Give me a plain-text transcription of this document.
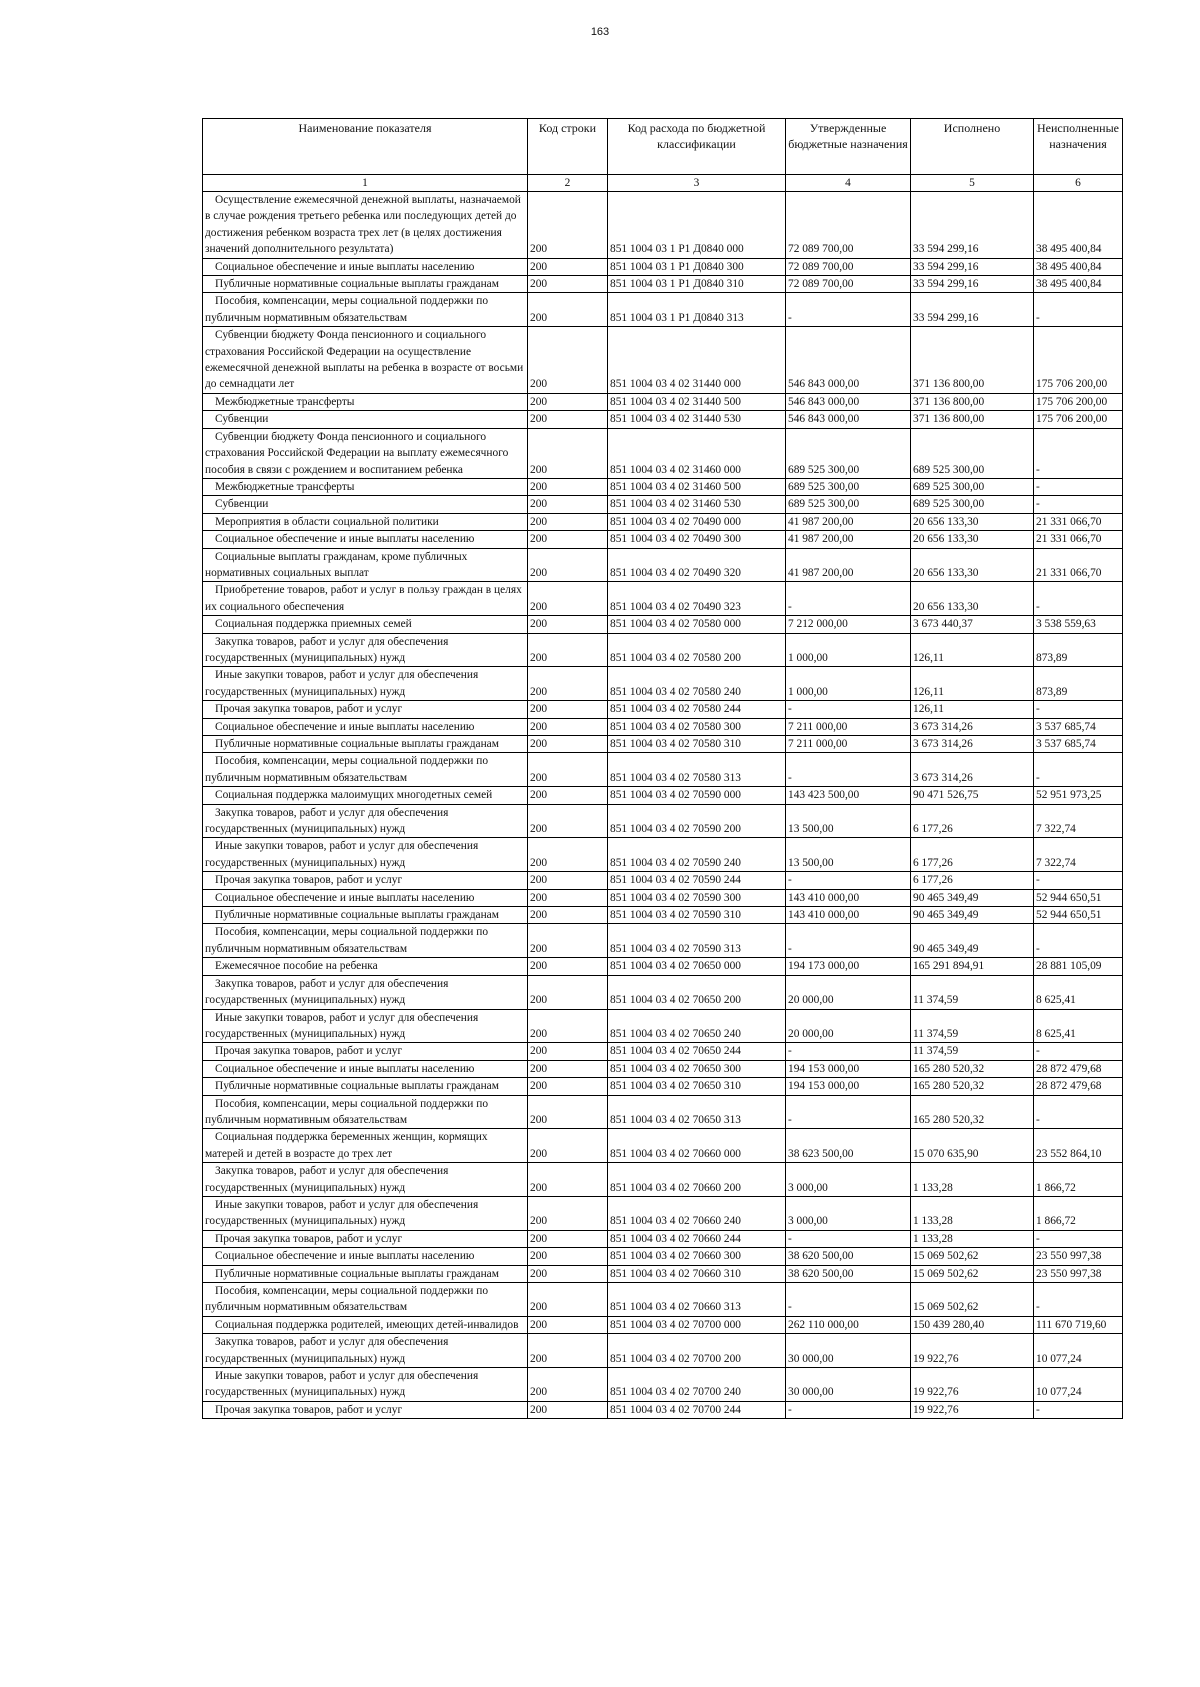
163
Наименование показателя	Код строки	Код расхода по бюджетной классификации	Утвержденные бюджетные назначения	Исполнено	Неисполненные назначения
1	2	3	4	5	6
Осуществление ежемесячной денежной выплаты, назначаемой в случае рождения третьего ребенка или последующих детей до достижения ребенком возраста трех лет (в целях достижения значений дополнительного результата)	200	851 1004 03 1 P1 Д0840 000	72 089 700,00	33 594 299,16	38 495 400,84
Социальное обеспечение и иные выплаты населению	200	851 1004 03 1 P1 Д0840 300	72 089 700,00	33 594 299,16	38 495 400,84
Публичные нормативные социальные выплаты гражданам	200	851 1004 03 1 P1 Д0840 310	72 089 700,00	33 594 299,16	38 495 400,84
Пособия, компенсации, меры социальной поддержки по публичным нормативным обязательствам	200	851 1004 03 1 P1 Д0840 313	-	33 594 299,16	-
Субвенции бюджету Фонда пенсионного и социального страхования Российской Федерации на осуществление ежемесячной денежной выплаты на ребенка в возрасте от восьми до семнадцати лет	200	851 1004 03 4 02 31440 000	546 843 000,00	371 136 800,00	175 706 200,00
Межбюджетные трансферты	200	851 1004 03 4 02 31440 500	546 843 000,00	371 136 800,00	175 706 200,00
Субвенции	200	851 1004 03 4 02 31440 530	546 843 000,00	371 136 800,00	175 706 200,00
Субвенции бюджету Фонда пенсионного и социального страхования Российской Федерации на выплату ежемесячного пособия в связи с рождением и воспитанием ребенка	200	851 1004 03 4 02 31460 000	689 525 300,00	689 525 300,00	-
Межбюджетные трансферты	200	851 1004 03 4 02 31460 500	689 525 300,00	689 525 300,00	-
Субвенции	200	851 1004 03 4 02 31460 530	689 525 300,00	689 525 300,00	-
Мероприятия в области социальной политики	200	851 1004 03 4 02 70490 000	41 987 200,00	20 656 133,30	21 331 066,70
Социальное обеспечение и иные выплаты населению	200	851 1004 03 4 02 70490 300	41 987 200,00	20 656 133,30	21 331 066,70
Социальные выплаты гражданам, кроме публичных нормативных социальных выплат	200	851 1004 03 4 02 70490 320	41 987 200,00	20 656 133,30	21 331 066,70
Приобретение товаров, работ и услуг в пользу граждан в целях их социального обеспечения	200	851 1004 03 4 02 70490 323	-	20 656 133,30	-
Социальная поддержка приемных семей	200	851 1004 03 4 02 70580 000	7 212 000,00	3 673 440,37	3 538 559,63
Закупка товаров, работ и услуг для обеспечения государственных (муниципальных) нужд	200	851 1004 03 4 02 70580 200	1 000,00	126,11	873,89
Иные закупки товаров, работ и услуг для обеспечения государственных (муниципальных) нужд	200	851 1004 03 4 02 70580 240	1 000,00	126,11	873,89
Прочая закупка товаров, работ и услуг	200	851 1004 03 4 02 70580 244	-	126,11	-
Социальное обеспечение и иные выплаты населению	200	851 1004 03 4 02 70580 300	7 211 000,00	3 673 314,26	3 537 685,74
Публичные нормативные социальные выплаты гражданам	200	851 1004 03 4 02 70580 310	7 211 000,00	3 673 314,26	3 537 685,74
Пособия, компенсации, меры социальной поддержки по публичным нормативным обязательствам	200	851 1004 03 4 02 70580 313	-	3 673 314,26	-
Социальная поддержка малоимущих многодетных семей	200	851 1004 03 4 02 70590 000	143 423 500,00	90 471 526,75	52 951 973,25
Закупка товаров, работ и услуг для обеспечения государственных (муниципальных) нужд	200	851 1004 03 4 02 70590 200	13 500,00	6 177,26	7 322,74
Иные закупки товаров, работ и услуг для обеспечения государственных (муниципальных) нужд	200	851 1004 03 4 02 70590 240	13 500,00	6 177,26	7 322,74
Прочая закупка товаров, работ и услуг	200	851 1004 03 4 02 70590 244	-	6 177,26	-
Социальное обеспечение и иные выплаты населению	200	851 1004 03 4 02 70590 300	143 410 000,00	90 465 349,49	52 944 650,51
Публичные нормативные социальные выплаты гражданам	200	851 1004 03 4 02 70590 310	143 410 000,00	90 465 349,49	52 944 650,51
Пособия, компенсации, меры социальной поддержки по публичным нормативным обязательствам	200	851 1004 03 4 02 70590 313	-	90 465 349,49	-
Ежемесячное пособие на ребенка	200	851 1004 03 4 02 70650 000	194 173 000,00	165 291 894,91	28 881 105,09
Закупка товаров, работ и услуг для обеспечения государственных (муниципальных) нужд	200	851 1004 03 4 02 70650 200	20 000,00	11 374,59	8 625,41
Иные закупки товаров, работ и услуг для обеспечения государственных (муниципальных) нужд	200	851 1004 03 4 02 70650 240	20 000,00	11 374,59	8 625,41
Прочая закупка товаров, работ и услуг	200	851 1004 03 4 02 70650 244	-	11 374,59	-
Социальное обеспечение и иные выплаты населению	200	851 1004 03 4 02 70650 300	194 153 000,00	165 280 520,32	28 872 479,68
Публичные нормативные социальные выплаты гражданам	200	851 1004 03 4 02 70650 310	194 153 000,00	165 280 520,32	28 872 479,68
Пособия, компенсации, меры социальной поддержки по публичным нормативным обязательствам	200	851 1004 03 4 02 70650 313	-	165 280 520,32	-
Социальная поддержка беременных женщин, кормящих матерей и детей в возрасте до трех лет	200	851 1004 03 4 02 70660 000	38 623 500,00	15 070 635,90	23 552 864,10
Закупка товаров, работ и услуг для обеспечения государственных (муниципальных) нужд	200	851 1004 03 4 02 70660 200	3 000,00	1 133,28	1 866,72
Иные закупки товаров, работ и услуг для обеспечения государственных (муниципальных) нужд	200	851 1004 03 4 02 70660 240	3 000,00	1 133,28	1 866,72
Прочая закупка товаров, работ и услуг	200	851 1004 03 4 02 70660 244	-	1 133,28	-
Социальное обеспечение и иные выплаты населению	200	851 1004 03 4 02 70660 300	38 620 500,00	15 069 502,62	23 550 997,38
Публичные нормативные социальные выплаты гражданам	200	851 1004 03 4 02 70660 310	38 620 500,00	15 069 502,62	23 550 997,38
Пособия, компенсации, меры социальной поддержки по публичным нормативным обязательствам	200	851 1004 03 4 02 70660 313	-	15 069 502,62	-
Социальная поддержка родителей, имеющих детей-инвалидов	200	851 1004 03 4 02 70700 000	262 110 000,00	150 439 280,40	111 670 719,60
Закупка товаров, работ и услуг для обеспечения государственных (муниципальных) нужд	200	851 1004 03 4 02 70700 200	30 000,00	19 922,76	10 077,24
Иные закупки товаров, работ и услуг для обеспечения государственных (муниципальных) нужд	200	851 1004 03 4 02 70700 240	30 000,00	19 922,76	10 077,24
Прочая закупка товаров, работ и услуг	200	851 1004 03 4 02 70700 244	-	19 922,76	-
